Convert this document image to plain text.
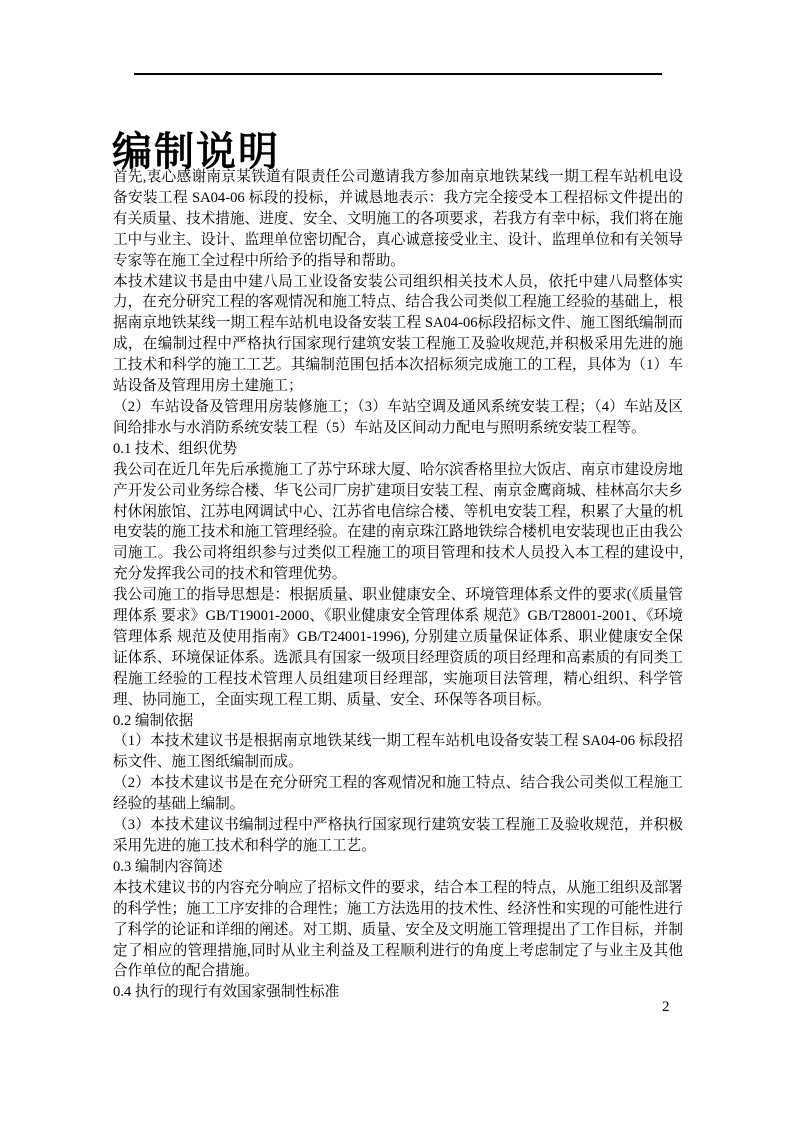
编制说明

首先,衷心感谢南京某铁道有限责任公司邀请我方参加南京地铁某线一期工程车站机电设备安装工程 SA04-06 标段的投标，并诚恳地表示：我方完全接受本工程招标文件提出的有关质量、技术措施、进度、安全、文明施工的各项要求，若我方有幸中标，我们将在施工中与业主、设计、监理单位密切配合，真心诚意接受业主、设计、监理单位和有关领导专家等在施工全过程中所给予的指导和帮助。

本技术建议书是由中建八局工业设备安装公司组织相关技术人员，依托中建八局整体实力，在充分研究工程的客观情况和施工特点、结合我公司类似工程施工经验的基础上，根据南京地铁某线一期工程车站机电设备安装工程 SA04-06标段招标文件、施工图纸编制而成，在编制过程中严格执行国家现行建筑安装工程施工及验收规范,并积极采用先进的施工技术和科学的施工工艺。其编制范围包括本次招标须完成施工的工程，具体为（1）车站设备及管理用房土建施工；

（2）车站设备及管理用房装修施工；（3）车站空调及通风系统安装工程；（4）车站及区间给排水与水消防系统安装工程（5）车站及区间动力配电与照明系统安装工程等。

0.1 技术、组织优势

我公司在近几年先后承揽施工了苏宁环球大厦、哈尔滨香格里拉大饭店、南京市建设房地产开发公司业务综合楼、华飞公司厂房扩建项目安装工程、南京金鹰商城、桂林高尔夫乡村休闲旅馆、江苏电网调试中心、江苏省电信综合楼、等机电安装工程，积累了大量的机电安装的施工技术和施工管理经验。在建的南京珠江路地铁综合楼机电安装现也正由我公司施工。我公司将组织参与过类似工程施工的项目管理和技术人员投入本工程的建设中,充分发挥我公司的技术和管理优势。

我公司施工的指导思想是：根据质量、职业健康安全、环境管理体系文件的要求(《质量管理体系 要求》GB/T19001-2000、《职业健康安全管理体系 规范》GB/T28001-2001、《环境管理体系 规范及使用指南》GB/T24001-1996), 分别建立质量保证体系、职业健康安全保证体系、环境保证体系。选派具有国家一级项目经理资质的项目经理和高素质的有同类工程施工经验的工程技术管理人员组建项目经理部，实施项目法管理，精心组织、科学管理、协同施工，全面实现工程工期、质量、安全、环保等各项目标。

0.2 编制依据

（1）本技术建议书是根据南京地铁某线一期工程车站机电设备安装工程 SA04-06 标段招标文件、施工图纸编制而成。

（2）本技术建议书是在充分研究工程的客观情况和施工特点、结合我公司类似工程施工经验的基础上编制。

（3）本技术建议书编制过程中严格执行国家现行建筑安装工程施工及验收规范，并积极采用先进的施工技术和科学的施工工艺。

0.3 编制内容简述

本技术建议书的内容充分响应了招标文件的要求，结合本工程的特点，从施工组织及部署的科学性；施工工序安排的合理性；施工方法选用的技术性、经济性和实现的可能性进行了科学的论证和详细的阐述。对工期、质量、安全及文明施工管理提出了工作目标，并制定了相应的管理措施,同时从业主利益及工程顺利进行的角度上考虑制定了与业主及其他合作单位的配合措施。

0.4 执行的现行有效国家强制性标准

2
